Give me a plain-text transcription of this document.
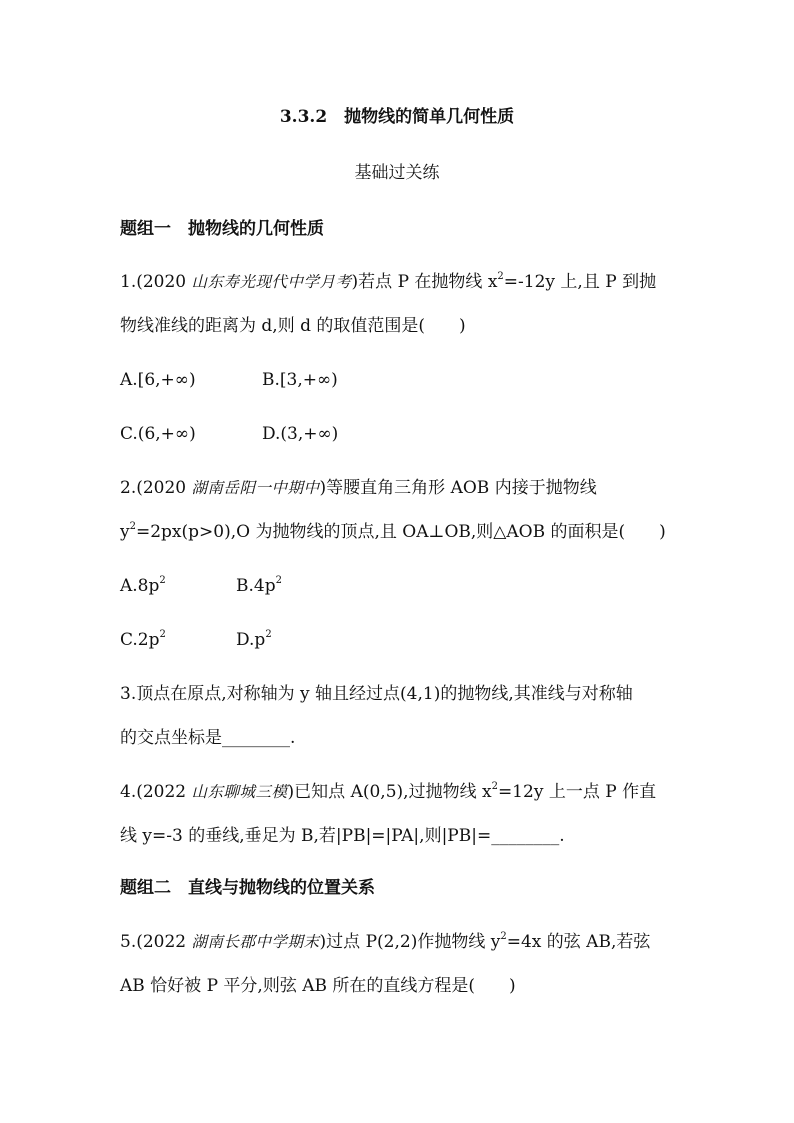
3.3.2　抛物线的简单几何性质
基础过关练
题组一　抛物线的几何性质
1.(2020 山东寿光现代中学月考)若点 P 在抛物线 $x^2=-12y$ 上,且 P 到抛
物线准线的距离为 d,则 d 的取值范围是(　　)
A.[6,+∞)	B.[3,+∞)
C.(6,+∞)	D.(3,+∞)
2.(2020 湖南岳阳一中期中)等腰直角三角形 AOB 内接于抛物线
$y^2=2px(p>0),O$ 为抛物线的顶点,且 OA⊥OB,则△AOB 的面积是(　　)
$A.8p^2$	$B.4p^2$
$C.2p^2$	$D.p^2$
3.顶点在原点,对称轴为 y 轴且经过点(4,1)的抛物线,其准线与对称轴
的交点坐标是________.
4.(2022 山东聊城三模)已知点 A(0,5),过抛物线 $x^2=12y$ 上一点 P 作直
线 y=-3 的垂线,垂足为 B,若|PB|=|PA|,则|PB|=________.
题组二　直线与抛物线的位置关系
5.(2022 湖南长郡中学期末)过点 P(2,2)作抛物线 $y^2=4x$ 的弦 AB,若弦
AB 恰好被 P 平分,则弦 AB 所在的直线方程是(　　)
